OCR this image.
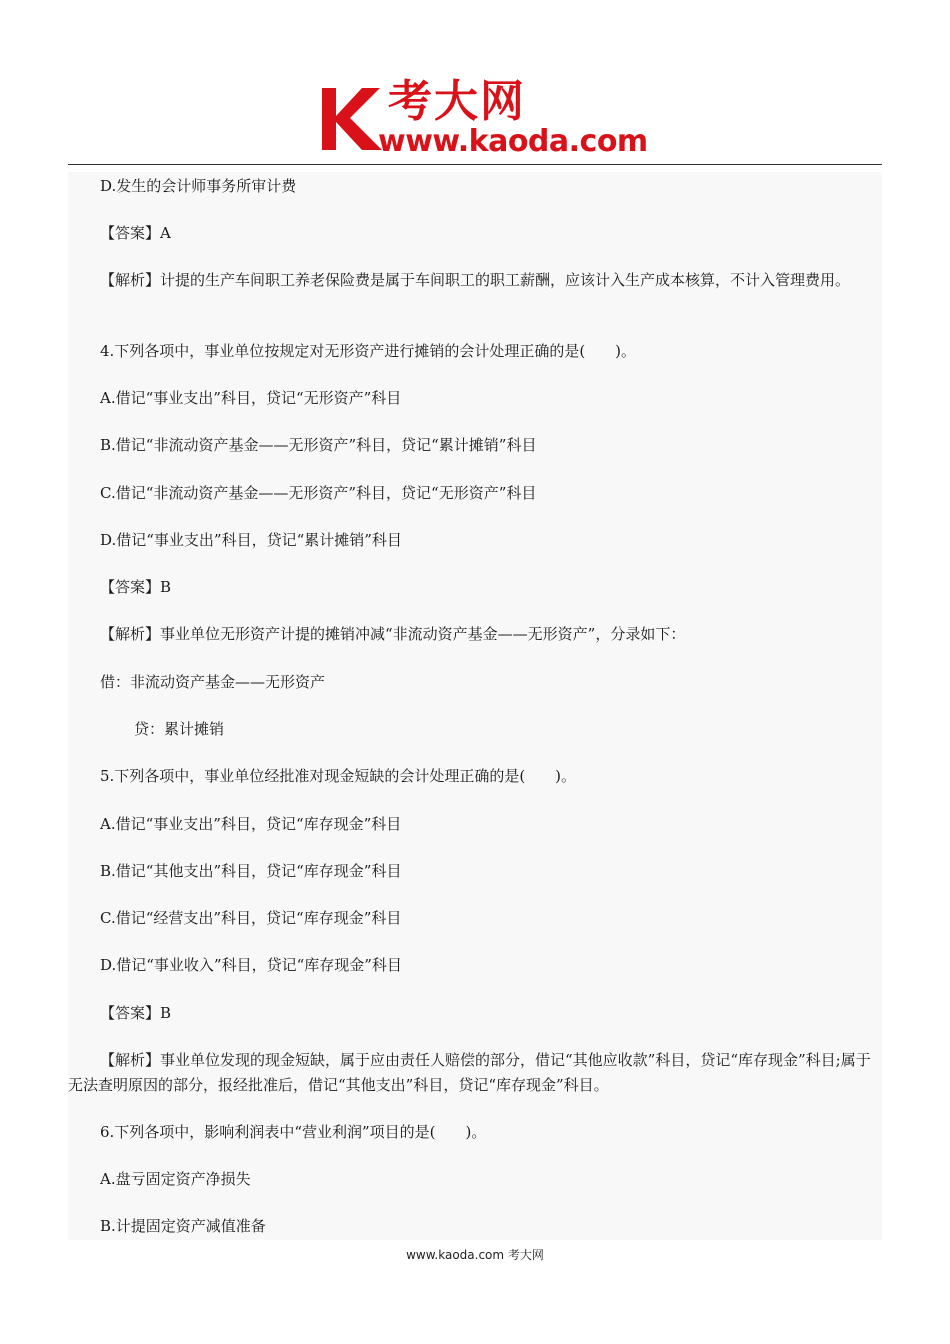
考大网
www.kaoda.com
D.发生的会计师事务所审计费
【答案】A
【解析】计提的生产车间职工养老保险费是属于车间职工的职工薪酬，应该计入生产成本核算，不计入管理费用。
4.下列各项中，事业单位按规定对无形资产进行摊销的会计处理正确的是(　　)。
A.借记“事业支出”科目，贷记“无形资产”科目
B.借记“非流动资产基金——无形资产”科目，贷记“累计摊销”科目
C.借记“非流动资产基金——无形资产”科目，贷记“无形资产”科目
D.借记“事业支出”科目，贷记“累计摊销”科目
【答案】B
【解析】事业单位无形资产计提的摊销冲减“非流动资产基金——无形资产”，分录如下：
借：非流动资产基金——无形资产
贷：累计摊销
5.下列各项中，事业单位经批准对现金短缺的会计处理正确的是(　　)。
A.借记“事业支出”科目，贷记“库存现金”科目
B.借记“其他支出”科目，贷记“库存现金”科目
C.借记“经营支出”科目，贷记“库存现金”科目
D.借记“事业收入”科目，贷记“库存现金”科目
【答案】B
【解析】事业单位发现的现金短缺，属于应由责任人赔偿的部分，借记“其他应收款”科目，贷记“库存现金”科目;属于无法查明原因的部分，报经批准后，借记“其他支出”科目，贷记“库存现金”科目。
6.下列各项中，影响利润表中“营业利润”项目的是(　　)。
A.盘亏固定资产净损失
B.计提固定资产减值准备
www.kaoda.com 考大网
